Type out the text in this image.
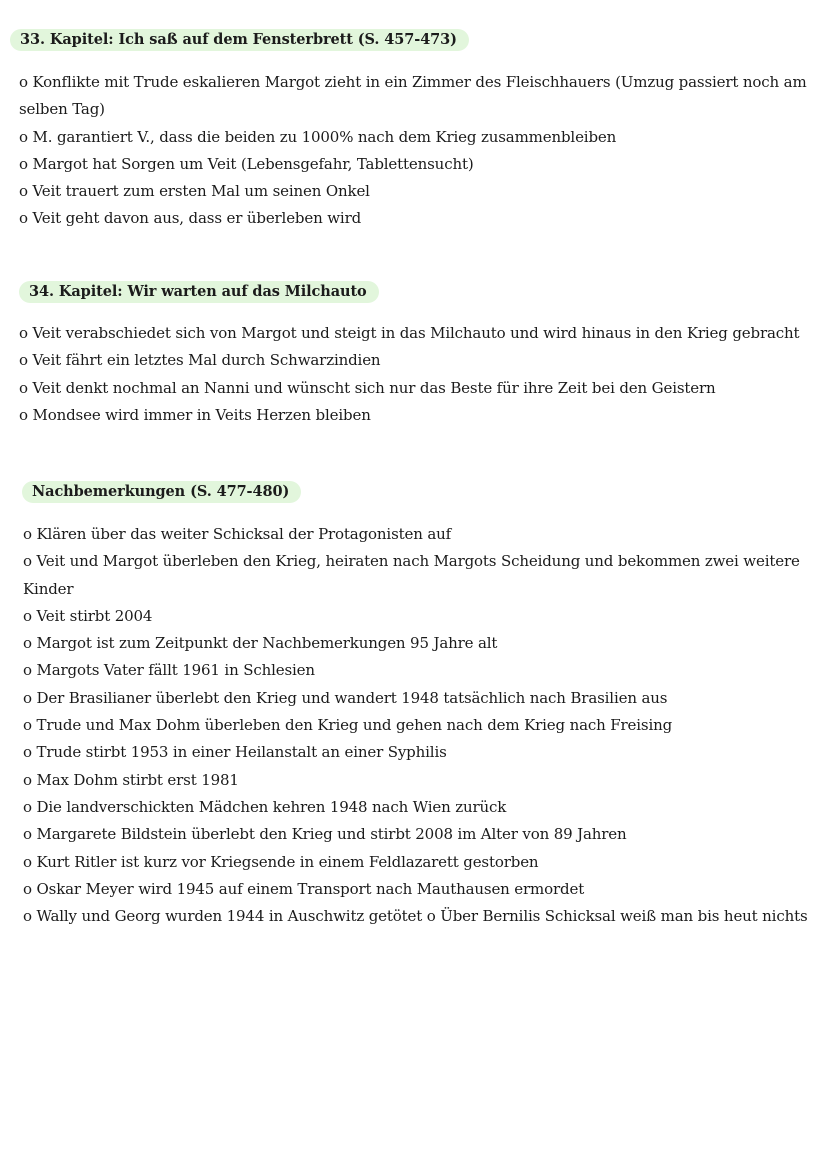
33. Kapitel: Ich saß auf dem Fensterbrett (S. 457-473)
o Konflikte mit Trude eskalieren Margot zieht in ein Zimmer des Fleischhauers (Umzug passiert noch am selben Tag)
o M. garantiert V., dass die beiden zu 1000% nach dem Krieg zusammenbleiben
o Margot hat Sorgen um Veit (Lebensgefahr, Tablettensucht)
o Veit trauert zum ersten Mal um seinen Onkel
o Veit geht davon aus, dass er überleben wird
34. Kapitel: Wir warten auf das Milchauto
o Veit verabschiedet sich von Margot und steigt in das Milchauto und wird hinaus in den Krieg gebracht
o Veit fährt ein letztes Mal durch Schwarzindien
o Veit denkt nochmal an Nanni und wünscht sich nur das Beste für ihre Zeit bei den Geistern
o Mondsee wird immer in Veits Herzen bleiben
Nachbemerkungen (S. 477-480)
o Klären über das weiter Schicksal der Protagonisten auf
o Veit und Margot überleben den Krieg, heiraten nach Margots Scheidung und bekommen zwei weitere Kinder
o Veit stirbt 2004
o Margot ist zum Zeitpunkt der Nachbemerkungen 95 Jahre alt
o Margots Vater fällt 1961 in Schlesien
o Der Brasilianer überlebt den Krieg und wandert 1948 tatsächlich nach Brasilien aus
o Trude und Max Dohm überleben den Krieg und gehen nach dem Krieg nach Freising
o Trude stirbt 1953 in einer Heilanstalt an einer Syphilis
o Max Dohm stirbt erst 1981
o Die landverschickten Mädchen kehren 1948 nach Wien zurück
o Margarete Bildstein überlebt den Krieg und stirbt 2008 im Alter von 89 Jahren
o Kurt Ritler ist kurz vor Kriegsende in einem Feldlazarett gestorben
o Oskar Meyer wird 1945 auf einem Transport nach Mauthausen ermordet
o Wally und Georg wurden 1944 in Auschwitz getötet o Über Bernilis Schicksal weiß man bis heut nichts
